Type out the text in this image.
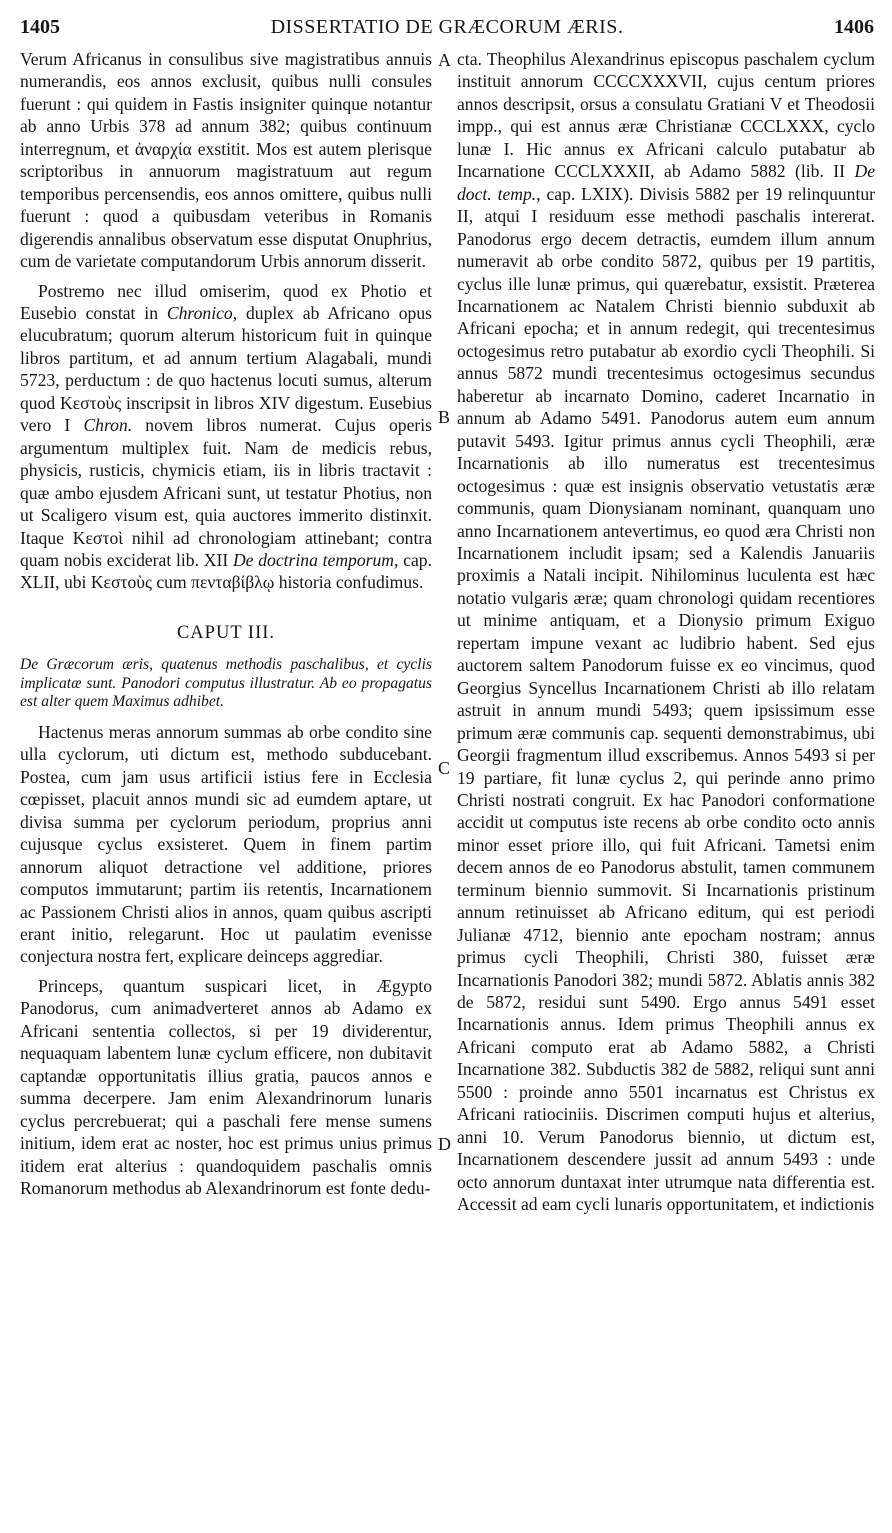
1405	DISSERTATIO DE GRÆCORUM ÆRIS.	1406
A
B
C
D

Verum Africanus in consulibus sive magistratibus annuis numerandis, eos annos exclusit, quibus nulli consules fuerunt : qui quidem in Fastis insigniter quinque notantur ab anno Urbis 378 ad annum 382; quibus continuum interregnum, et ἀναρχία exstitit. Mos est autem plerisque scriptoribus in annuorum magistratuum aut regum temporibus percensendis, eos annos omittere, quibus nulli fuerunt : quod a quibusdam veteribus in Romanis digerendis annalibus observatum esse disputat Onuphrius, cum de varietate computandorum Urbis annorum disserit.

Postremo nec illud omiserim, quod ex Photio et Eusebio constat in Chronico, duplex ab Africano opus elucubratum; quorum alterum historicum fuit in quinque libros partitum, et ad annum tertium Alagabali, mundi 5723, perductum : de quo hactenus locuti sumus, alterum quod Κεστοὺς inscripsit in libros XIV digestum. Eusebius vero I Chron. novem libros numerat. Cujus operis argumentum multiplex fuit. Nam de medicis rebus, physicis, rusticis, chymicis etiam, iis in libris tractavit : quæ ambo ejusdem Africani sunt, ut testatur Photius, non ut Scaligero visum est, quia auctores immerito distinxit. Itaque Κεστοὶ nihil ad chronologiam attinebant; contra quam nobis exciderat lib. XII De doctrina temporum, cap. XLII, ubi Κεστοὺς cum πενταβίβλῳ historia confudimus.

CAPUT III.

De Græcorum æris, quatenus methodis paschalibus, et cyclis implicatæ sunt. Panodori computus illustratur. Ab eo propagatus est alter quem Maximus adhibet.

Hactenus meras annorum summas ab orbe condito sine ulla cyclorum, uti dictum est, methodo subducebant. Postea, cum jam usus artificii istius fere in Ecclesia cœpisset, placuit annos mundi sic ad eumdem aptare, ut divisa summa per cyclorum periodum, proprius anni cujusque cyclus exsisteret. Quem in finem partim annorum aliquot detractione vel additione, priores computos immutarunt; partim iis retentis, Incarnationem ac Passionem Christi alios in annos, quam quibus ascripti erant initio, relegarunt. Hoc ut paulatim evenisse conjectura nostra fert, explicare deinceps aggrediar.

Princeps, quantum suspicari licet, in Ægypto Panodorus, cum animadverteret annos ab Adamo ex Africani sententia collectos, si per 19 dividerentur, nequaquam labentem lunæ cyclum efficere, non dubitavit captandæ opportunitatis illius gratia, paucos annos e summa decerpere. Jam enim Alexandrinorum lunaris cyclus percrebuerat; qui a paschali fere mense sumens initium, idem erat ac noster, hoc est primus unius primus itidem erat alterius : quandoquidem paschalis omnis Romanorum methodus ab Alexandrinorum est fonte dedu-

cta. Theophilus Alexandrinus episcopus paschalem cyclum instituit annorum CCCCXXXVII, cujus centum priores annos descripsit, orsus a consulatu Gratiani V et Theodosii impp., qui est annus æræ Christianæ CCCLXXX, cyclo lunæ I. Hic annus ex Africani calculo putabatur ab Incarnatione CCCLXXXII, ab Adamo 5882 (lib. II De doct. temp., cap. LXIX). Divisis 5882 per 19 relinquuntur II, atqui I residuum esse methodi paschalis intererat. Panodorus ergo decem detractis, eumdem illum annum numeravit ab orbe condito 5872, quibus per 19 partitis, cyclus ille lunæ primus, qui quærebatur, exsistit. Præterea Incarnationem ac Natalem Christi biennio subduxit ab Africani epocha; et in annum redegit, qui trecentesimus octogesimus retro putabatur ab exordio cycli Theophili. Si annus 5872 mundi trecentesimus octogesimus secundus haberetur ab incarnato Domino, caderet Incarnatio in annum ab Adamo 5491. Panodorus autem eum annum putavit 5493. Igitur primus annus cycli Theophili, æræ Incarnationis ab illo numeratus est trecentesimus octogesimus : quæ est insignis observatio vetustatis æræ communis, quam Dionysianam nominant, quanquam uno anno Incarnationem antevertimus, eo quod æra Christi non Incarnationem includit ipsam; sed a Kalendis Januariis proximis a Natali incipit. Nihilominus luculenta est hæc notatio vulgaris æræ; quam chronologi quidam recentiores ut minime antiquam, et a Dionysio primum Exiguo repertam impune vexant ac ludibrio habent. Sed ejus auctorem saltem Panodorum fuisse ex eo vincimus, quod Georgius Syncellus Incarnationem Christi ab illo relatam astruit in annum mundi 5493; quem ipsissimum esse primum æræ communis cap. sequenti demonstrabimus, ubi Georgii fragmentum illud exscribemus. Annos 5493 si per 19 partiare, fit lunæ cyclus 2, qui perinde anno primo Christi nostrati congruit. Ex hac Panodori conformatione accidit ut computus iste recens ab orbe condito octo annis minor esset priore illo, qui fuit Africani. Tametsi enim decem annos de eo Panodorus abstulit, tamen communem terminum biennio summovit. Si Incarnationis pristinum annum retinuisset ab Africano editum, qui est periodi Julianæ 4712, biennio ante epocham nostram; annus primus cycli Theophili, Christi 380, fuisset æræ Incarnationis Panodori 382; mundi 5872. Ablatis annis 382 de 5872, residui sunt 5490. Ergo annus 5491 esset Incarnationis annus. Idem primus Theophili annus ex Africani computo erat ab Adamo 5882, a Christi Incarnatione 382. Subductis 382 de 5882, reliqui sunt anni 5500 : proinde anno 5501 incarnatus est Christus ex Africani ratiociniis. Discrimen computi hujus et alterius, anni 10. Verum Panodorus biennio, ut dictum est, Incarnationem descendere jussit ad annum 5493 : unde octo annorum duntaxat inter utrumque nata differentia est. Accessit ad eam cycli lunaris opportunitatem, et indictionis
